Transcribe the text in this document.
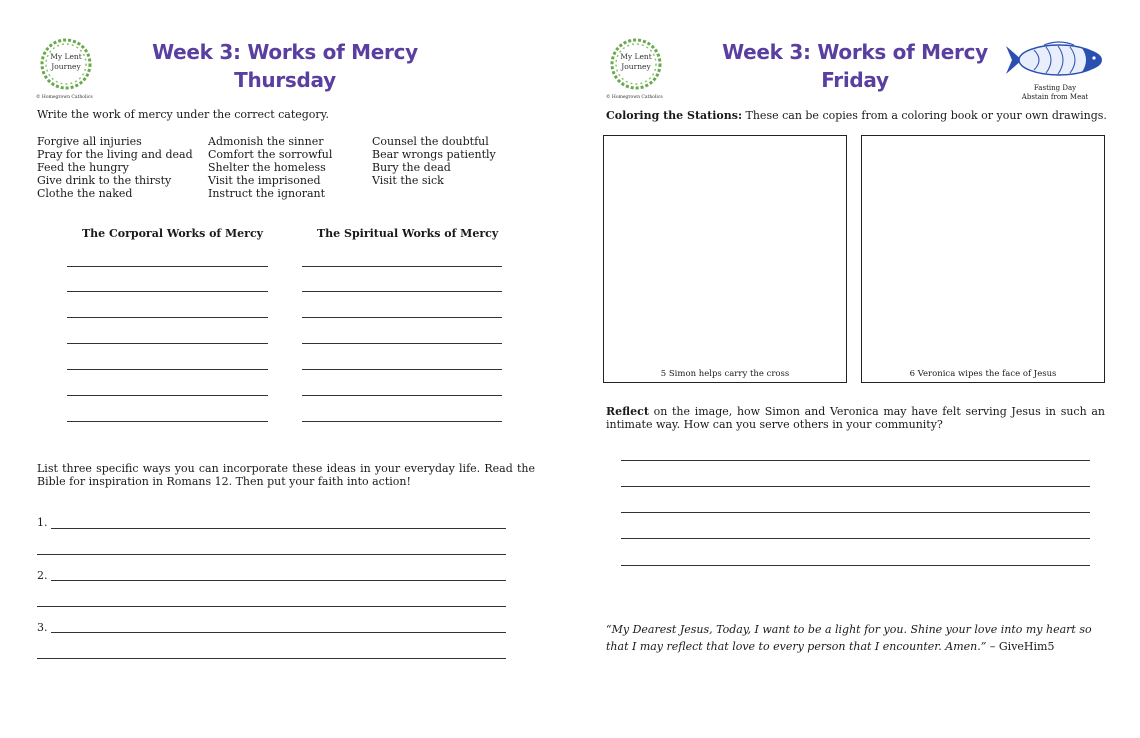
My Lent
Journey
© Homegrown Catholics
Week 3: Works of Mercy
Thursday
Write the work of mercy under the correct category.
Forgive all injuries
Pray for the living and dead
Feed the hungry
Give drink to the thirsty
Clothe the naked
Admonish the sinner
Comfort the sorrowful
Shelter the homeless
Visit the imprisoned
Instruct the ignorant
Counsel the doubtful
Bear wrongs patiently
Bury the dead
Visit the sick
The Corporal Works of Mercy	The Spiritual Works of Mercy
List three specific ways you can incorporate these ideas in your everyday life. Read the Bible for inspiration in Romans 12. Then put your faith into action!
1.
2.
3.
My Lent
Journey
© Homegrown Catholics
Week 3: Works of Mercy
Friday	Fasting Day
Abstain from Meat
Coloring the Stations: These can be copies from a coloring book or your own drawings.
5 Simon helps carry the cross	6 Veronica wipes the face of Jesus
Reflect on the image, how Simon and Veronica may have felt serving Jesus in such an intimate way. How can you serve others in your community?
“My Dearest Jesus, Today, I want to be a light for you. Shine your love into my heart so that I may reflect that love to every person that I encounter. Amen.” – GiveHim5
